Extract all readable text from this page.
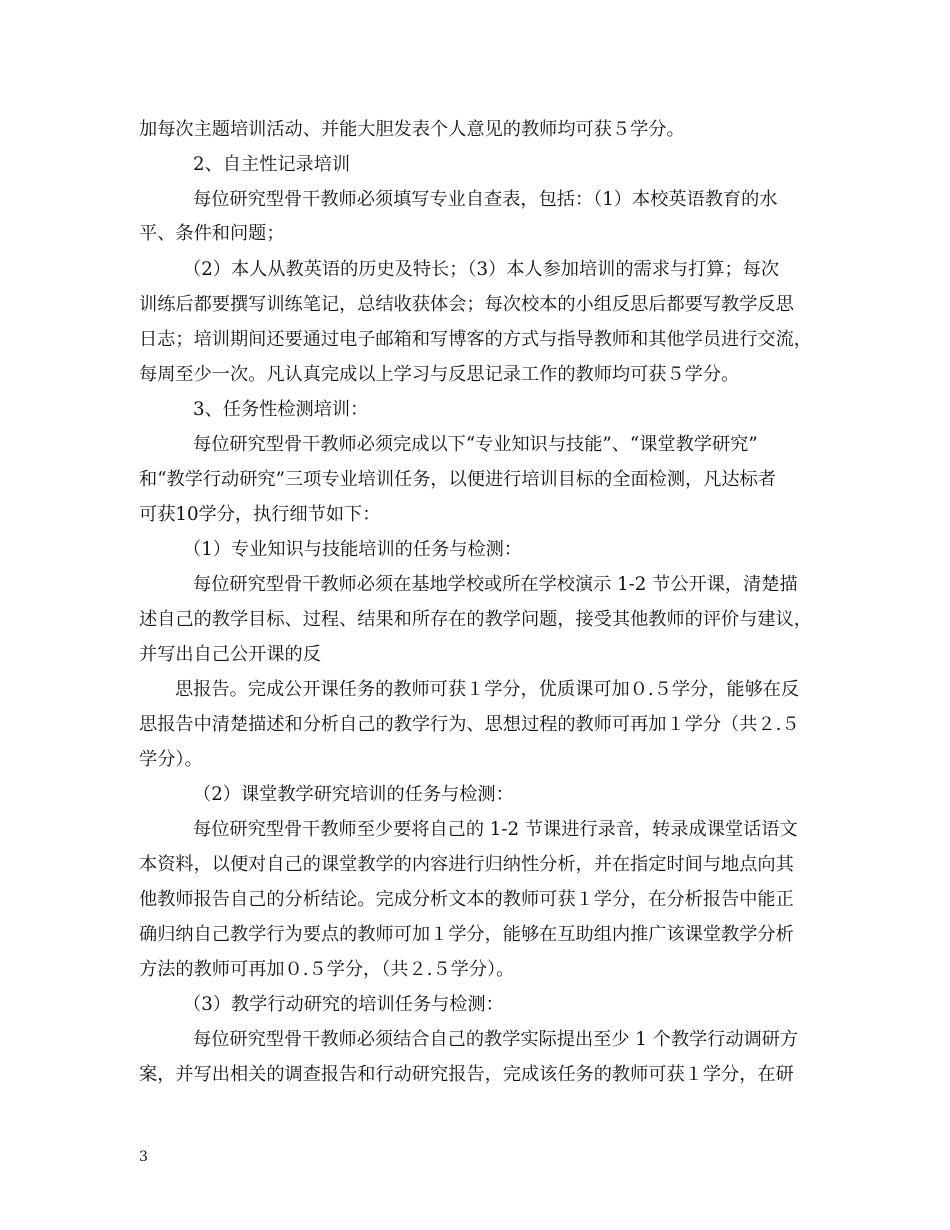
加每次主题培训活动、并能大胆发表个人意见的教师均可获５学分。
2、自主性记录培训
每位研究型骨干教师必须填写专业自查表，包括：（1）本校英语教育的水
平、条件和问题；
（2）本人从教英语的历史及特长；（3）本人参加培训的需求与打算；每次
训练后都要撰写训练笔记，总结收获体会；每次校本的小组反思后都要写教学反思
日志；培训期间还要通过电子邮箱和写博客的方式与指导教师和其他学员进行交流，
每周至少一次。凡认真完成以上学习与反思记录工作的教师均可获５学分。
3、任务性检测培训：
每位研究型骨干教师必须完成以下“专业知识与技能”、“课堂教学研究”
和“教学行动研究”三项专业培训任务，以便进行培训目标的全面检测，凡达标者
可获10学分，执行细节如下：
（1）专业知识与技能培训的任务与检测：
每位研究型骨干教师必须在基地学校或所在学校演示 1-2 节公开课，清楚描
述自己的教学目标、过程、结果和所存在的教学问题，接受其他教师的评价与建议，
并写出自己公开课的反
思报告。完成公开课任务的教师可获１学分，优质课可加０.５学分，能够在反
思报告中清楚描述和分析自己的教学行为、思想过程的教师可再加１学分（共２.５
学分）。
（2）课堂教学研究培训的任务与检测：
每位研究型骨干教师至少要将自己的 1-2 节课进行录音，转录成课堂话语文
本资料，以便对自己的课堂教学的内容进行归纳性分析，并在指定时间与地点向其
他教师报告自己的分析结论。完成分析文本的教师可获１学分，在分析报告中能正
确归纳自己教学行为要点的教师可加１学分，能够在互助组内推广该课堂教学分析
方法的教师可再加０.５学分，（共２.５学分）。
（3）教学行动研究的培训任务与检测：
每位研究型骨干教师必须结合自己的教学实际提出至少 1 个教学行动调研方
案，并写出相关的调查报告和行动研究报告，完成该任务的教师可获１学分，在研
3
